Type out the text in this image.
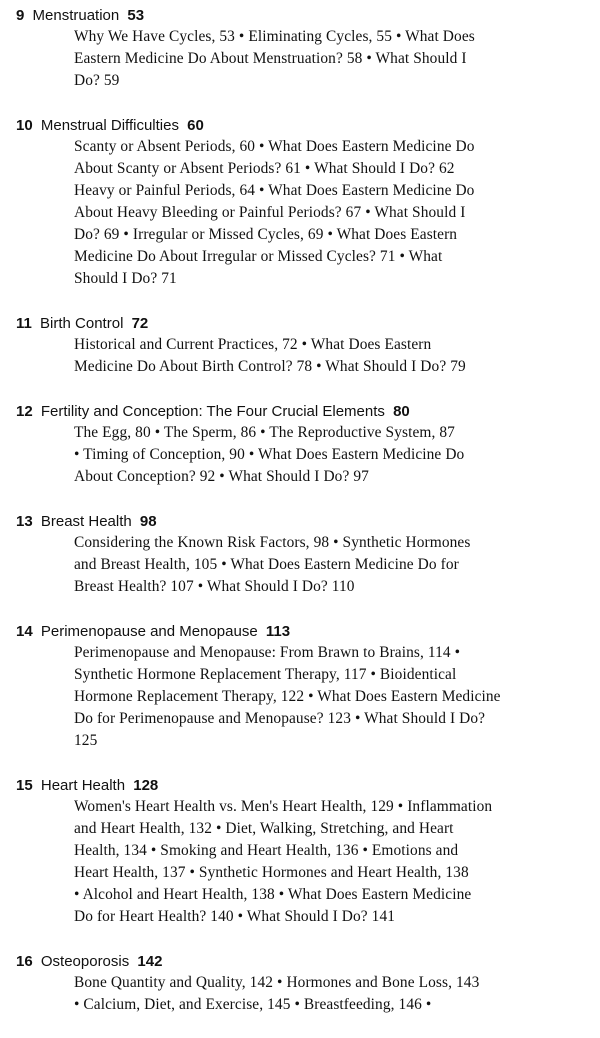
9 Menstruation 53
Why We Have Cycles, 53 • Eliminating Cycles, 55 • What Does
Eastern Medicine Do About Menstruation? 58 • What Should I
Do? 59
10 Menstrual Difficulties 60
Scanty or Absent Periods, 60 • What Does Eastern Medicine Do
About Scanty or Absent Periods? 61 • What Should I Do? 62
Heavy or Painful Periods, 64 • What Does Eastern Medicine Do
About Heavy Bleeding or Painful Periods? 67 • What Should I
Do? 69 • Irregular or Missed Cycles, 69 • What Does Eastern
Medicine Do About Irregular or Missed Cycles? 71 • What
Should I Do? 71
11 Birth Control 72
Historical and Current Practices, 72 • What Does Eastern
Medicine Do About Birth Control? 78 • What Should I Do? 79
12 Fertility and Conception: The Four Crucial Elements 80
The Egg, 80 • The Sperm, 86 • The Reproductive System, 87
• Timing of Conception, 90 • What Does Eastern Medicine Do
About Conception? 92 • What Should I Do? 97
13 Breast Health 98
Considering the Known Risk Factors, 98 • Synthetic Hormones
and Breast Health, 105 • What Does Eastern Medicine Do for
Breast Health? 107 • What Should I Do? 110
14 Perimenopause and Menopause 113
Perimenopause and Menopause: From Brawn to Brains, 114 •
Synthetic Hormone Replacement Therapy, 117 • Bioidentical
Hormone Replacement Therapy, 122 • What Does Eastern Medicine
Do for Perimenopause and Menopause? 123 • What Should I Do?
125
15 Heart Health 128
Women's Heart Health vs. Men's Heart Health, 129 • Inflammation
and Heart Health, 132 • Diet, Walking, Stretching, and Heart
Health, 134 • Smoking and Heart Health, 136 • Emotions and
Heart Health, 137 • Synthetic Hormones and Heart Health, 138
• Alcohol and Heart Health, 138 • What Does Eastern Medicine
Do for Heart Health? 140 • What Should I Do? 141
16 Osteoporosis 142
Bone Quantity and Quality, 142 • Hormones and Bone Loss, 143
• Calcium, Diet, and Exercise, 145 • Breastfeeding, 146 •
